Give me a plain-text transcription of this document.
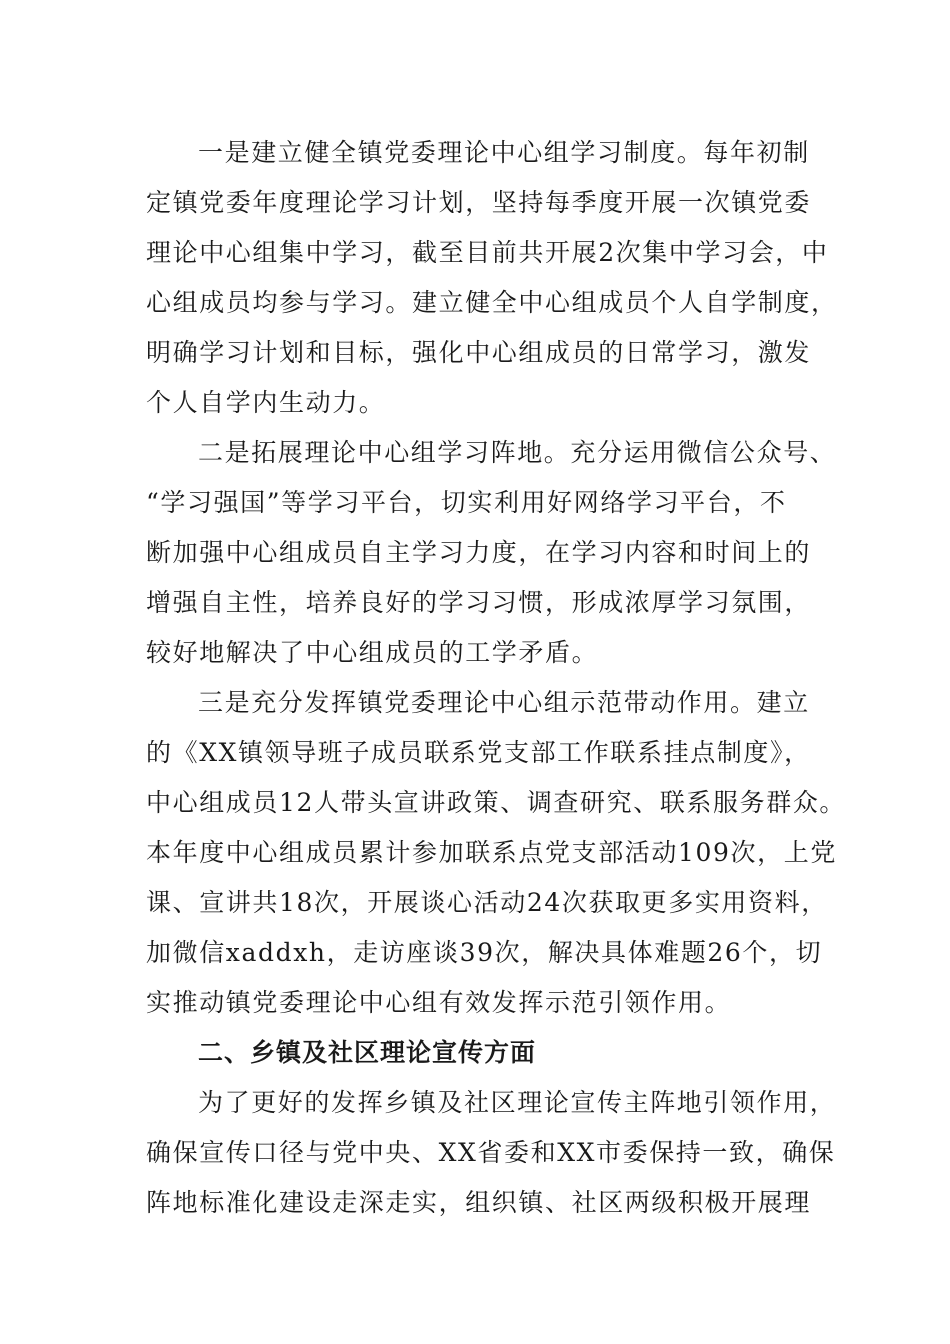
一是建立健全镇党委理论中心组学习制度。每年初制

定镇党委年度理论学习计划，坚持每季度开展一次镇党委

理论中心组集中学习，截至目前共开展2次集中学习会，中

心组成员均参与学习。建立健全中心组成员个人自学制度，

明确学习计划和目标，强化中心组成员的日常学习，激发

个人自学内生动力。

二是拓展理论中心组学习阵地。充分运用微信公众号、

“学习强国”等学习平台，切实利用好网络学习平台，不

断加强中心组成员自主学习力度，在学习内容和时间上的

增强自主性，培养良好的学习习惯，形成浓厚学习氛围，

较好地解决了中心组成员的工学矛盾。

三是充分发挥镇党委理论中心组示范带动作用。建立

的《XX镇领导班子成员联系党支部工作联系挂点制度》，

中心组成员12人带头宣讲政策、调查研究、联系服务群众。

本年度中心组成员累计参加联系点党支部活动109次，上党

课、宣讲共18次，开展谈心活动24次获取更多实用资料，

加微信xaddxh，走访座谈39次，解决具体难题26个，切

实推动镇党委理论中心组有效发挥示范引领作用。

二、乡镇及社区理论宣传方面

为了更好的发挥乡镇及社区理论宣传主阵地引领作用，

确保宣传口径与党中央、XX省委和XX市委保持一致，确保

阵地标准化建设走深走实，组织镇、社区两级积极开展理
